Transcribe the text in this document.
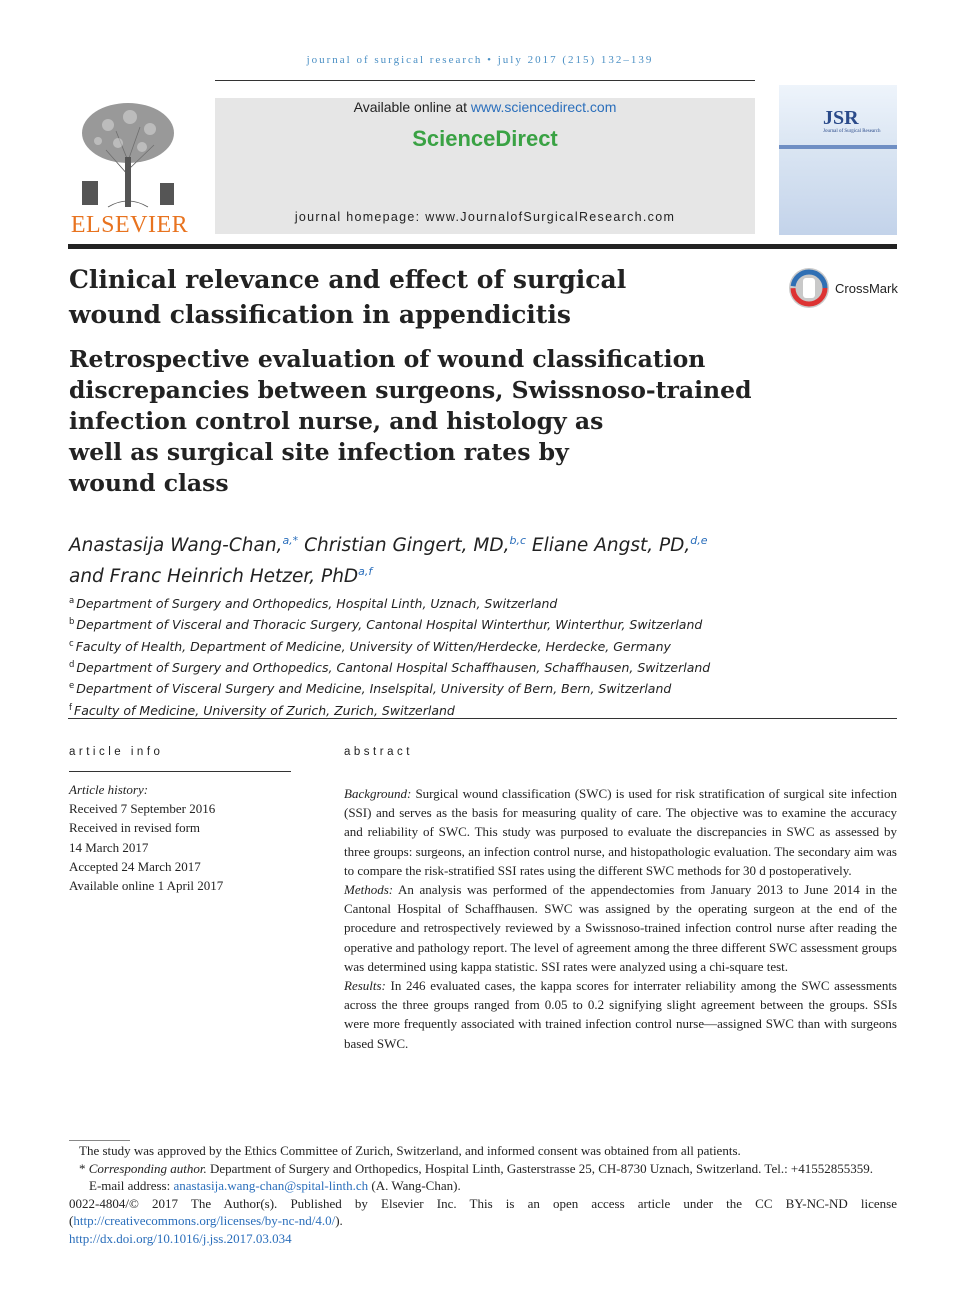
journal of surgical research • july 2017 (215) 132–139
ELSEVIER
Available online at www.sciencedirect.com
ScienceDirect
journal homepage: www.JournalofSurgicalResearch.com
JSR
Journal of Surgical Research
Clinical relevance and effect of surgical
wound classification in appendicitis
CrossMark
Retrospective evaluation of wound classification
discrepancies between surgeons, Swissnoso-trained
infection control nurse, and histology as
well as surgical site infection rates by
wound class
Anastasija Wang-Chan,$^{a,*}$ Christian Gingert, MD,$^{b,c}$ Eliane Angst, PD,$^{d,e}$
and Franc Heinrich Hetzer, PhD$^{a,f}$
$^a$ Department of Surgery and Orthopedics, Hospital Linth, Uznach, Switzerland
$^b$ Department of Visceral and Thoracic Surgery, Cantonal Hospital Winterthur, Winterthur, Switzerland
$^c$ Faculty of Health, Department of Medicine, University of Witten/Herdecke, Herdecke, Germany
$^d$ Department of Surgery and Orthopedics, Cantonal Hospital Schaffhausen, Schaffhausen, Switzerland
$^e$ Department of Visceral Surgery and Medicine, Inselspital, University of Bern, Bern, Switzerland
$^f$ Faculty of Medicine, University of Zurich, Zurich, Switzerland
article info
Article history:
Received 7 September 2016
Received in revised form
14 March 2017
Accepted 24 March 2017
Available online 1 April 2017
abstract

Background: Surgical wound classification (SWC) is used for risk stratification of surgical site infection (SSI) and serves as the basis for measuring quality of care. The objective was to examine the accuracy and reliability of SWC. This study was purposed to evaluate the discrepancies in SWC as assessed by three groups: surgeons, an infection control nurse, and histopathologic evaluation. The secondary aim was to compare the risk-stratified SSI rates using the different SWC methods for 30 d postoperatively.

Methods: An analysis was performed of the appendectomies from January 2013 to June 2014 in the Cantonal Hospital of Schaffhausen. SWC was assigned by the operating surgeon at the end of the procedure and retrospectively reviewed by a Swissnoso-trained infection control nurse after reading the operative and pathology report. The level of agreement among the three different SWC assessment groups was determined using kappa statistic. SSI rates were analyzed using a chi-square test.

Results: In 246 evaluated cases, the kappa scores for interrater reliability among the SWC assessments across the three groups ranged from 0.05 to 0.2 signifying slight agreement between the groups. SSIs were more frequently associated with trained infection control nurse—assigned SWC than with surgeons based SWC.

The study was approved by the Ethics Committee of Zurich, Switzerland, and informed consent was obtained from all patients.

* Corresponding author. Department of Surgery and Orthopedics, Hospital Linth, Gasterstrasse 25, CH-8730 Uznach, Switzerland. Tel.: +41552855359.

E-mail address: anastasija.wang-chan@spital-linth.ch (A. Wang-Chan).

0022-4804/© 2017 The Author(s). Published by Elsevier Inc. This is an open access article under the CC BY-NC-ND license (http://creativecommons.org/licenses/by-nc-nd/4.0/).

http://dx.doi.org/10.1016/j.jss.2017.03.034
